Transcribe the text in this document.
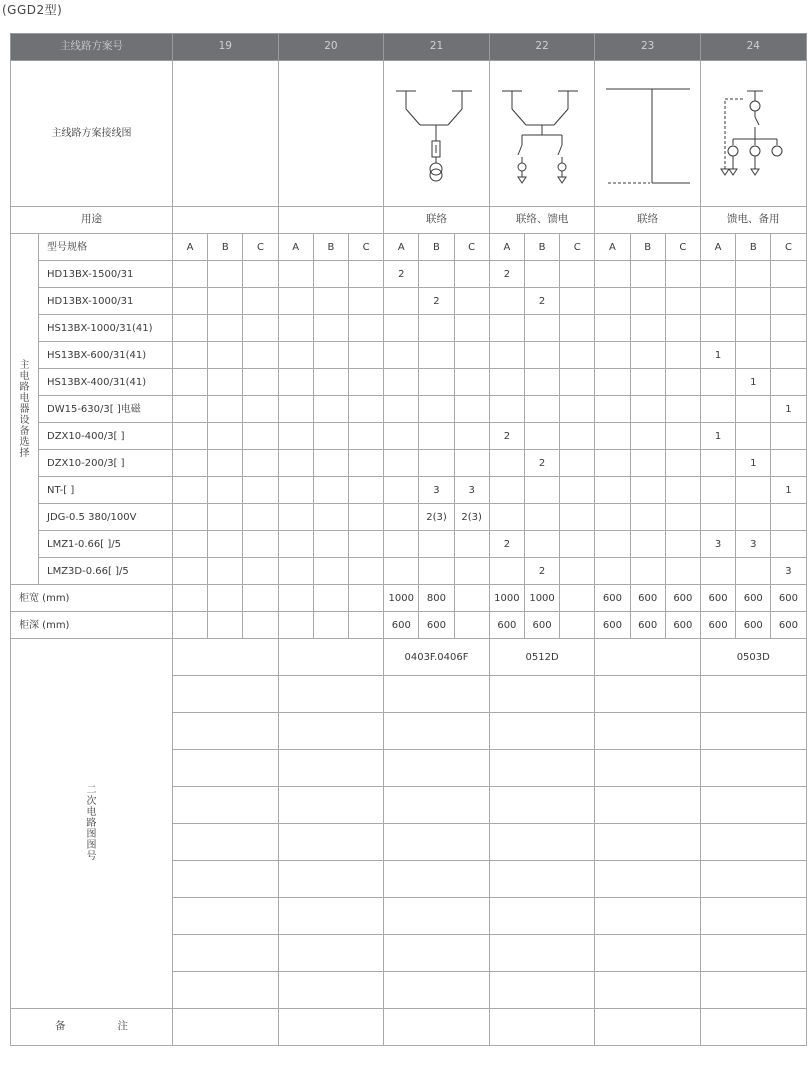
(GGD2型)
主线路方案号		19			20			21			22			23			24		
主线路方案接线图			

用途								联络			联络、馈电			联络			馈电、备用		
主电路电器设备选择	型号规格	A	B	C	A	B	C	A	B	C	A	B	C	A	B	C	A	B	C
	HD13BX-1500/31							2			2								
	HD13BX-1000/31								2			2							
	HS13BX-1000/31(41)																		
	HS13BX-600/31(41)																1		
	HS13BX-400/31(41)																	1	
	DW15-630/3[ ]电磁																		1
	DZX10-400/3[ ]										2						1		
	DZX10-200/3[ ]											2						1	
	NT-[ ]								3	3									1
	JDG-0.5 380/100V								2(3)	2(3)									
	LMZ1-0.66[ ]/5										2						3	3	
	LMZ3D-0.66[ ]/5											2							3
柜宽 (mm)								1000	800		1000	1000		600	600	600	600	600	600
柜深 (mm)								600	600		600	600		600	600	600	600	600	600
二次电路图图号								0403F.0406F			0512D						0503D		

备 注																			
